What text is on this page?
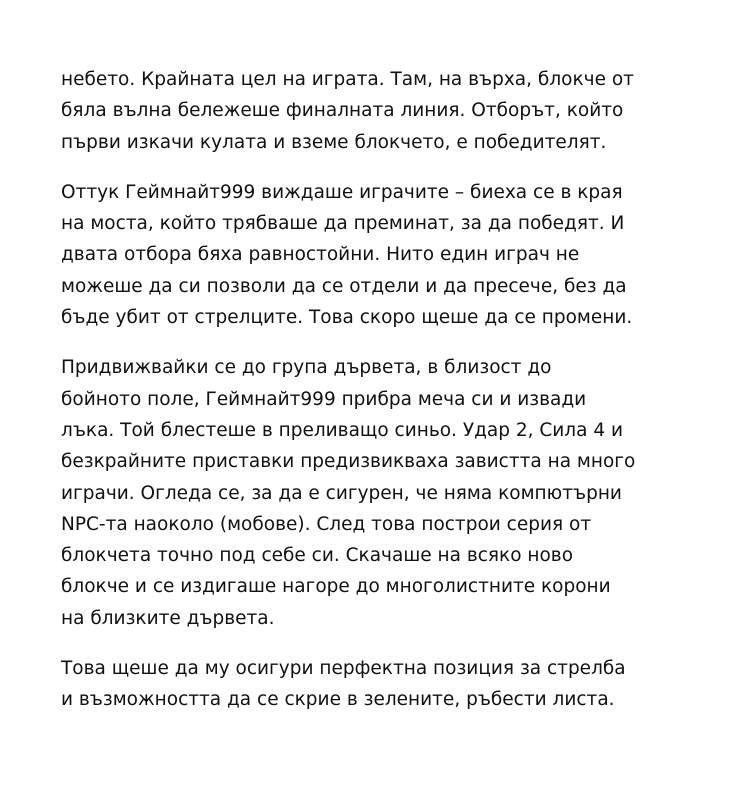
небето. Крайната цел на играта. Там, на върха, блокче от
бяла вълна бележеше финалната линия. Отборът, който
първи изкачи кулата и вземе блокчето, е победителят.

Оттук Геймнайт999 виждаше играчите – биеха се в края
на моста, който трябваше да преминат, за да победят. И
двата отбора бяха равностойни. Нито един играч не
можеше да си позволи да се отдели и да пресече, без да
бъде убит от стрелците. Това скоро щеше да се промени.

Придвижвайки се до група дървета, в близост до
бойното поле, Геймнайт999 прибра меча си и извади
лъка. Той блестеше в преливащо синьо. Удар 2, Сила 4 и
безкрайните приставки предизвикваха завистта на много
играчи. Огледа се, за да е сигурен, че няма компютърни
NPC-та наоколо (мобове). След това построи серия от
блокчета точно под себе си. Скачаше на всяко ново
блокче и се издигаше нагоре до многолистните корони
на близките дървета.

Това щеше да му осигури перфектна позиция за стрелба
и възможността да се скрие в зелените, ръбести листа.
